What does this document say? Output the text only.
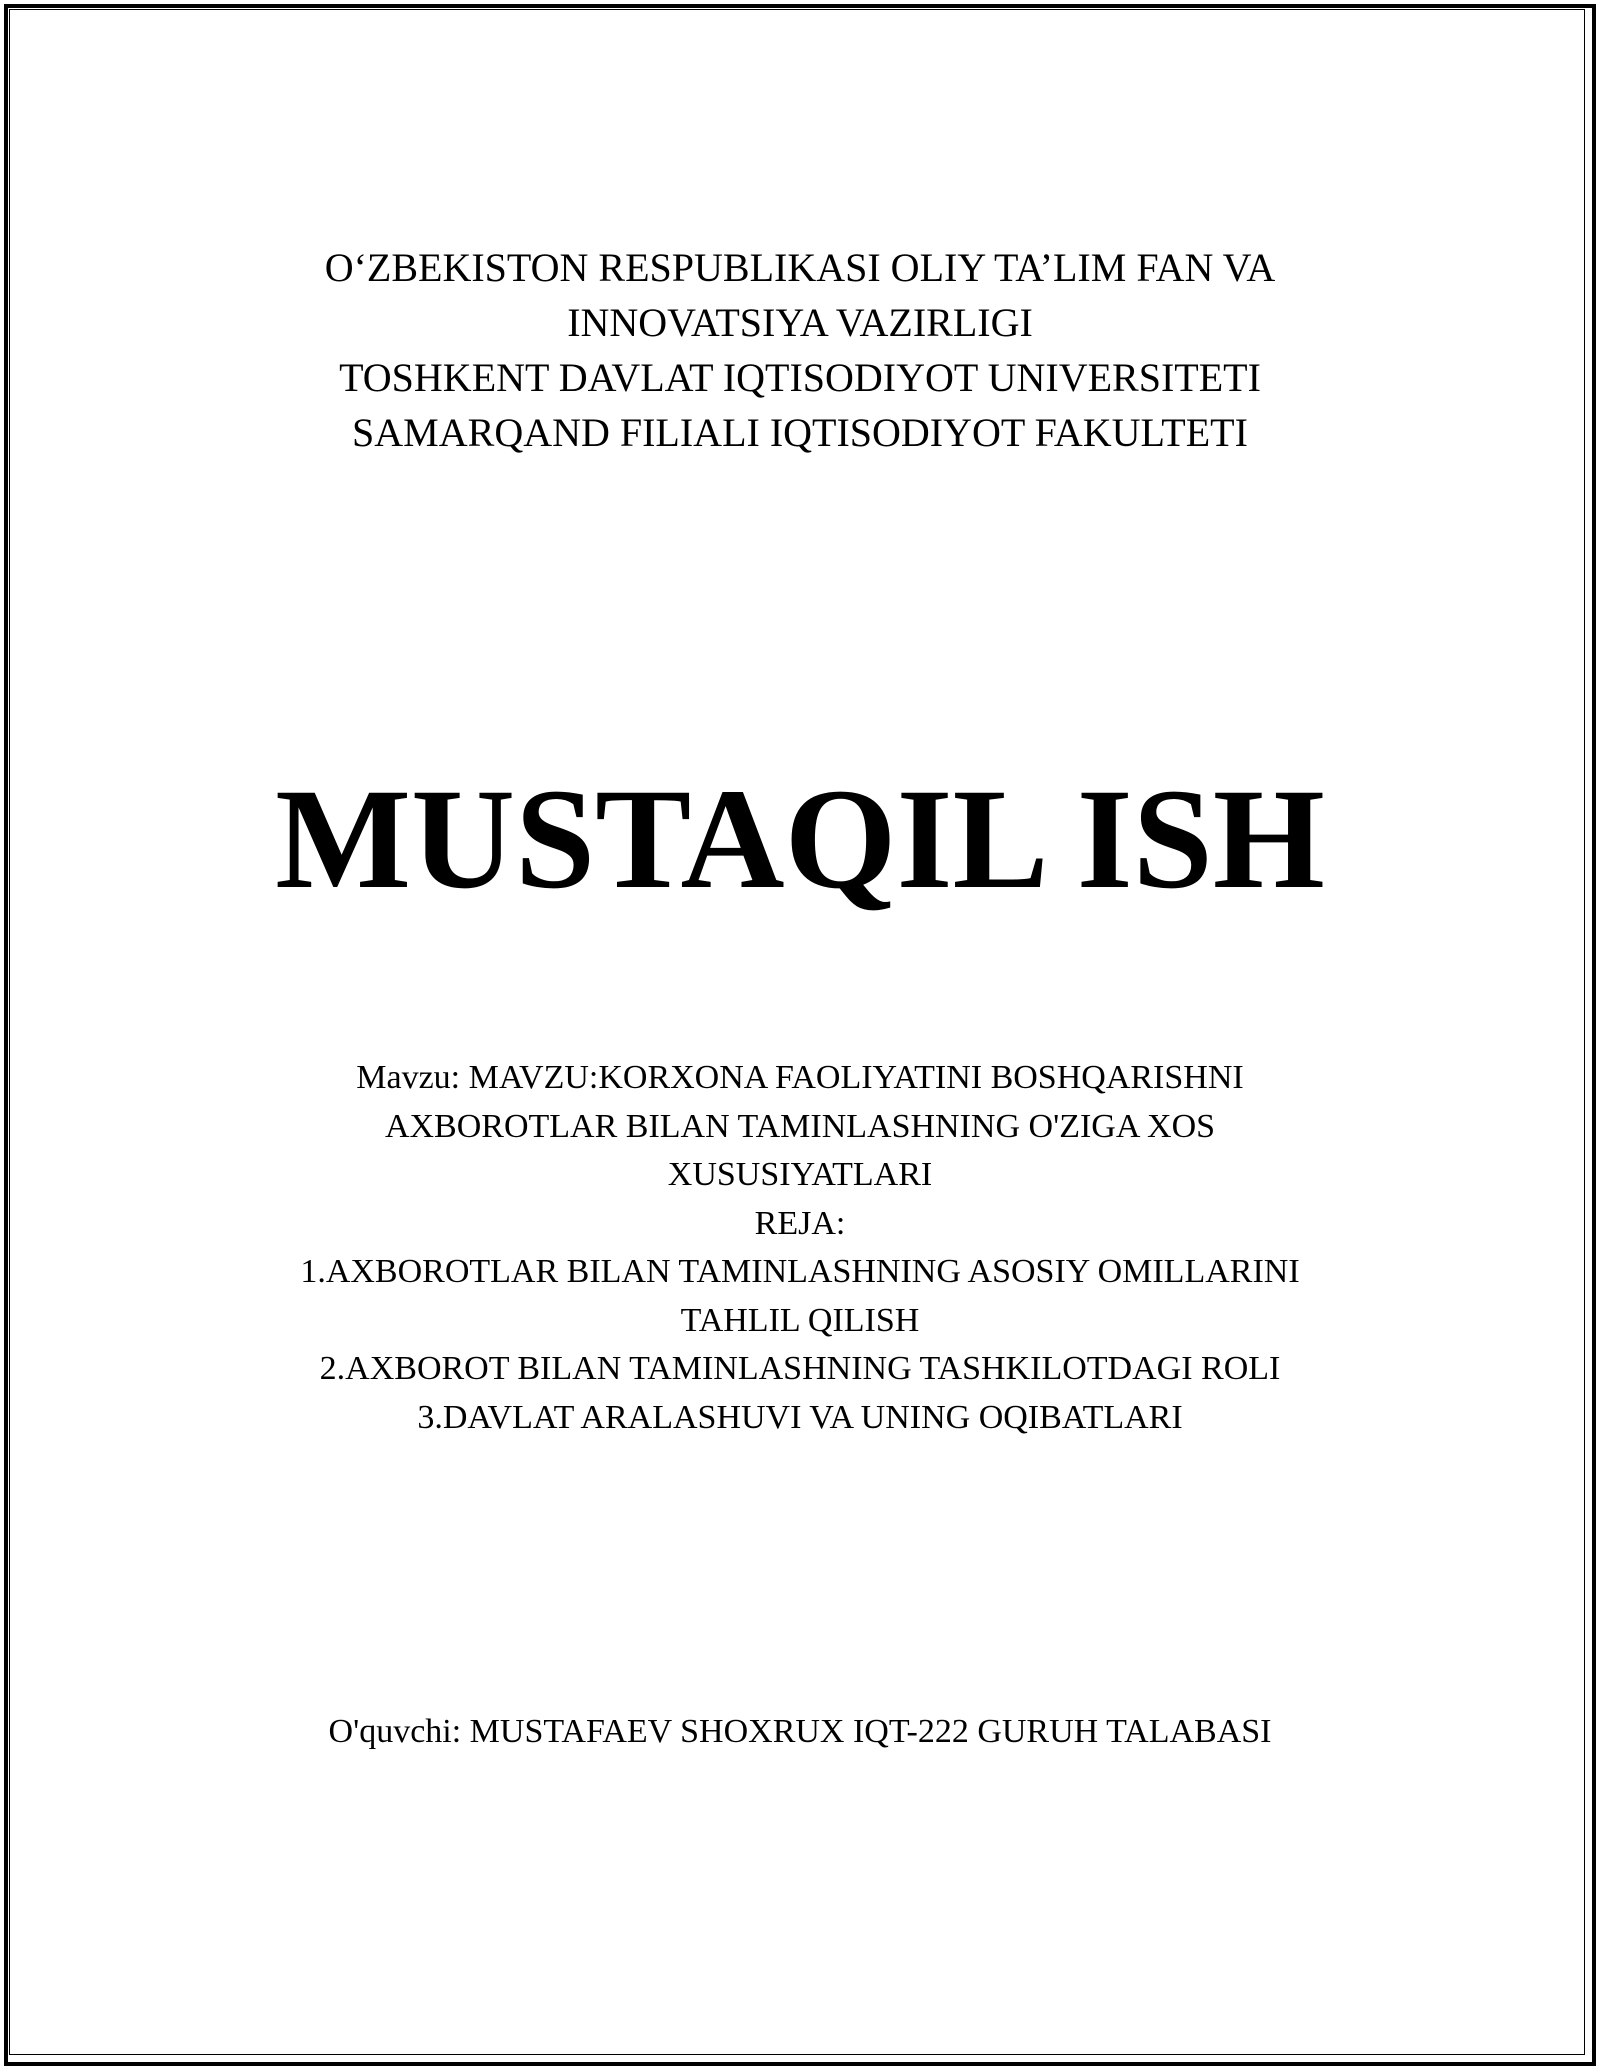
O‘ZBEKISTON RESPUBLIKASI OLIY TA’LIM FAN VA
INNOVATSIYA VAZIRLIGI
TOSHKENT DAVLAT IQTISODIYOT UNIVERSITETI
SAMARQAND FILIALI IQTISODIYOT FAKULTETI
MUSTAQIL ISH
Mavzu: MAVZU:KORXONA FAOLIYATINI BOSHQARISHNI
AXBOROTLAR BILAN TAMINLASHNING O'ZIGA XOS
XUSUSIYATLARI
REJA:
1.AXBOROTLAR BILAN TAMINLASHNING ASOSIY OMILLARINI
TAHLIL QILISH
2.AXBOROT BILAN TAMINLASHNING TASHKILOTDAGI ROLI
3.DAVLAT ARALASHUVI VA UNING OQIBATLARI
O'quvchi: MUSTAFAEV SHOXRUX IQT-222 GURUH TALABASI
